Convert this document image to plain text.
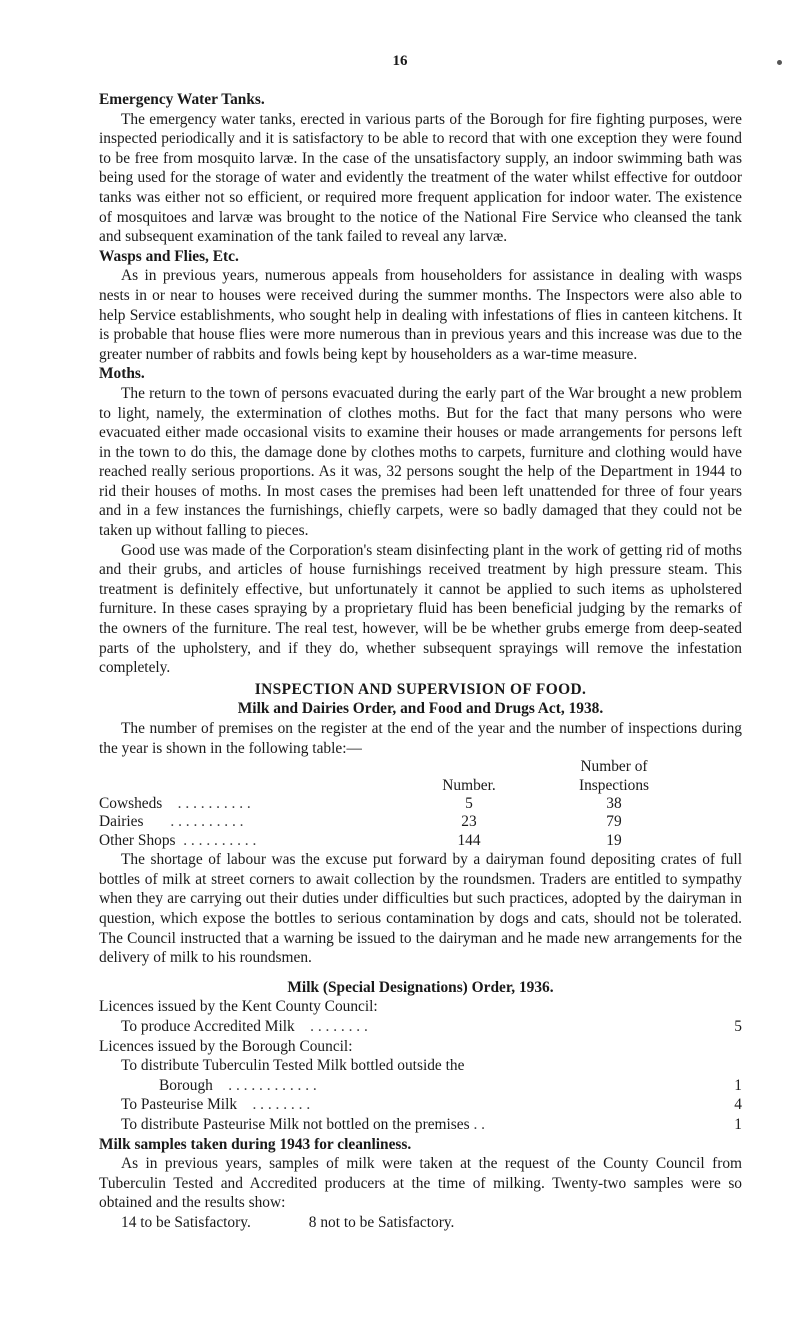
16
Emergency Water Tanks.

The emergency water tanks, erected in various parts of the Borough for fire fighting purposes, were inspected periodically and it is satisfactory to be able to record that with one exception they were found to be free from mosquito larvæ. In the case of the unsatisfactory supply, an indoor swimming bath was being used for the storage of water and evidently the treatment of the water whilst effective for outdoor tanks was either not so efficient, or required more frequent application for indoor water. The existence of mosquitoes and larvæ was brought to the notice of the National Fire Service who cleansed the tank and subsequent examination of the tank failed to reveal any larvæ.

Wasps and Flies, Etc.

As in previous years, numerous appeals from householders for assistance in dealing with wasps nests in or near to houses were received during the summer months. The Inspectors were also able to help Service establishments, who sought help in dealing with infestations of flies in canteen kitchens. It is probable that house flies were more numerous than in previous years and this increase was due to the greater number of rabbits and fowls being kept by householders as a war-time measure.

Moths.

The return to the town of persons evacuated during the early part of the War brought a new problem to light, namely, the extermination of clothes moths. But for the fact that many persons who were evacuated either made occasional visits to examine their houses or made arrangements for persons left in the town to do this, the damage done by clothes moths to carpets, furniture and clothing would have reached really serious proportions. As it was, 32 persons sought the help of the Department in 1944 to rid their houses of moths. In most cases the premises had been left unattended for three of four years and in a few instances the furnishings, chiefly carpets, were so badly damaged that they could not be taken up without falling to pieces.

Good use was made of the Corporation's steam disinfecting plant in the work of getting rid of moths and their grubs, and articles of house furnishings received treatment by high pressure steam. This treatment is definitely effective, but unfortunately it cannot be applied to such items as upholstered furniture. In these cases spraying by a proprietary fluid has been beneficial judging by the remarks of the owners of the furniture. The real test, however, will be be whether grubs emerge from deep-seated parts of the upholstery, and if they do, whether subsequent sprayings will remove the infestation completely.

INSPECTION AND SUPERVISION OF FOOD.
Milk and Dairies Order, and Food and Drugs Act, 1938.

The number of premises on the register at the end of the year and the number of inspections during the year is shown in the following table:—

		Number of
	Number.	Inspections
Cowsheds . . . . . . . . . .	5	38
Dairies . . . . . . . . . .	23	79
Other Shops . . . . . . . . . .	144	19

The shortage of labour was the excuse put forward by a dairyman found depositing crates of full bottles of milk at street corners to await collection by the roundsmen. Traders are entitled to sympathy when they are carrying out their duties under difficulties but such practices, adopted by the dairyman in question, which expose the bottles to serious contamination by dogs and cats, should not be tolerated. The Council instructed that a warning be issued to the dairyman and he made new arrangements for the delivery of milk to his roundsmen.

Milk (Special Designations) Order, 1936.
Licences issued by the Kent County Council:
To produce Accredited Milk . . . . . . . .	5
Licences issued by the Borough Council:
To distribute Tuberculin Tested Milk bottled outside the
Borough . . . . . . . . . . . .	1
To Pasteurise Milk . . . . . . . .	4
To distribute Pasteurise Milk not bottled on the premises . .	1
Milk samples taken during 1943 for cleanliness.

As in previous years, samples of milk were taken at the request of the County Council from Tuberculin Tested and Accredited producers at the time of milking. Twenty-two samples were so obtained and the results show:

14 to be Satisfactory.	8 not to be Satisfactory.
